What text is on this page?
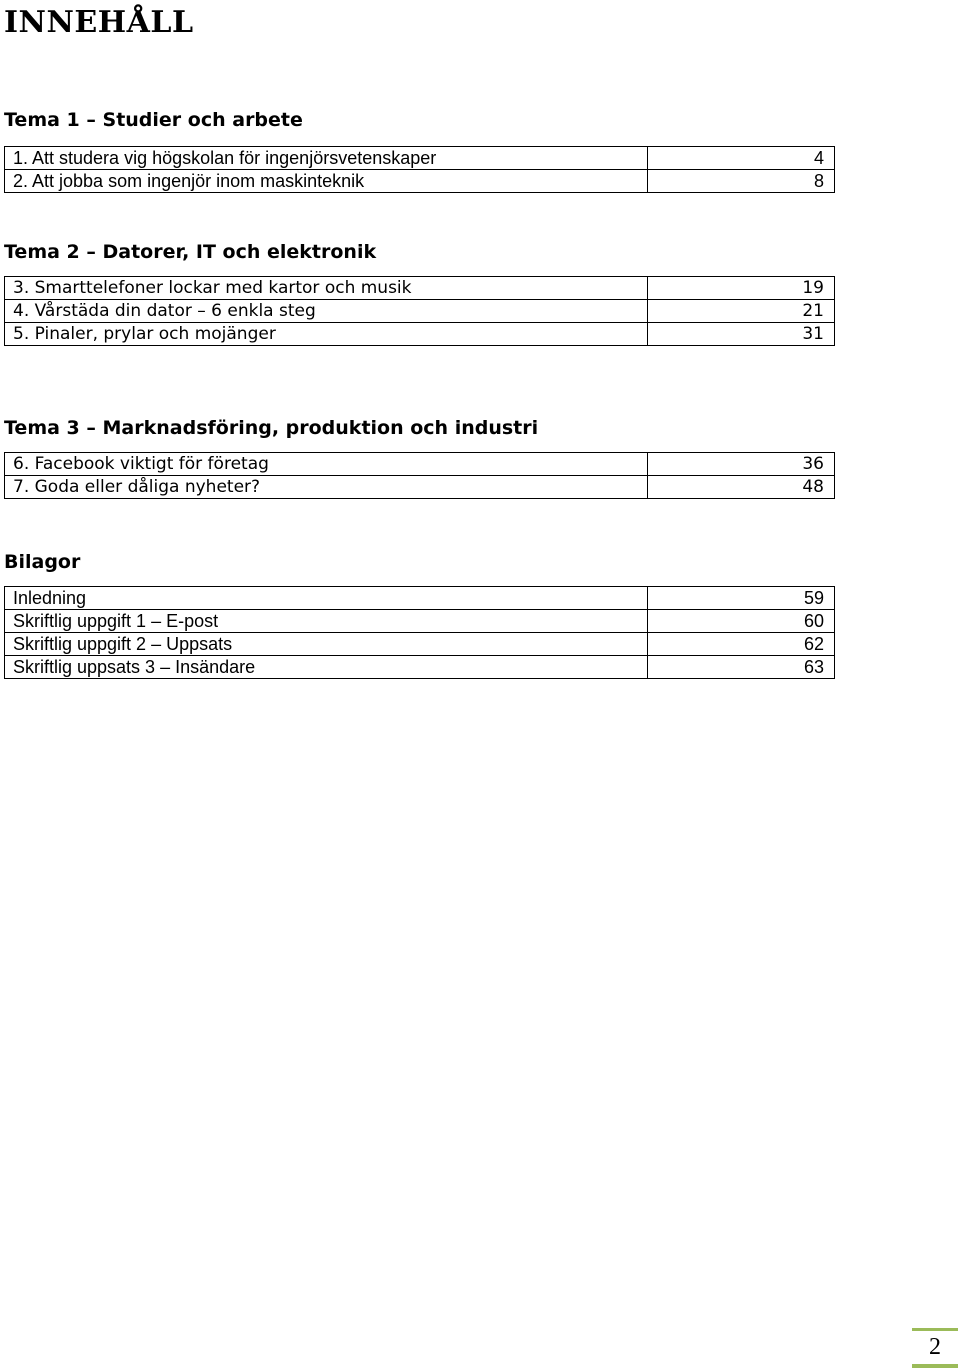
INNEHÅLL
Tema 1 – Studier och arbete
1. Att studera vig högskolan för ingenjörsvetenskaper	4
2. Att jobba som ingenjör inom maskinteknik	8
Tema 2 – Datorer, IT och elektronik
3. Smarttelefoner lockar med kartor och musik	19
4. Vårstäda din dator – 6 enkla steg	21
5. Pinaler, prylar och mojänger	31
Tema 3 – Marknadsföring, produktion och industri
6. Facebook viktigt för företag	36
7. Goda eller dåliga nyheter?	48
Bilagor
Inledning	59
Skriftlig uppgift 1 – E-post	60
Skriftlig uppgift 2 – Uppsats	62
Skriftlig uppsats 3 – Insändare	63
2
